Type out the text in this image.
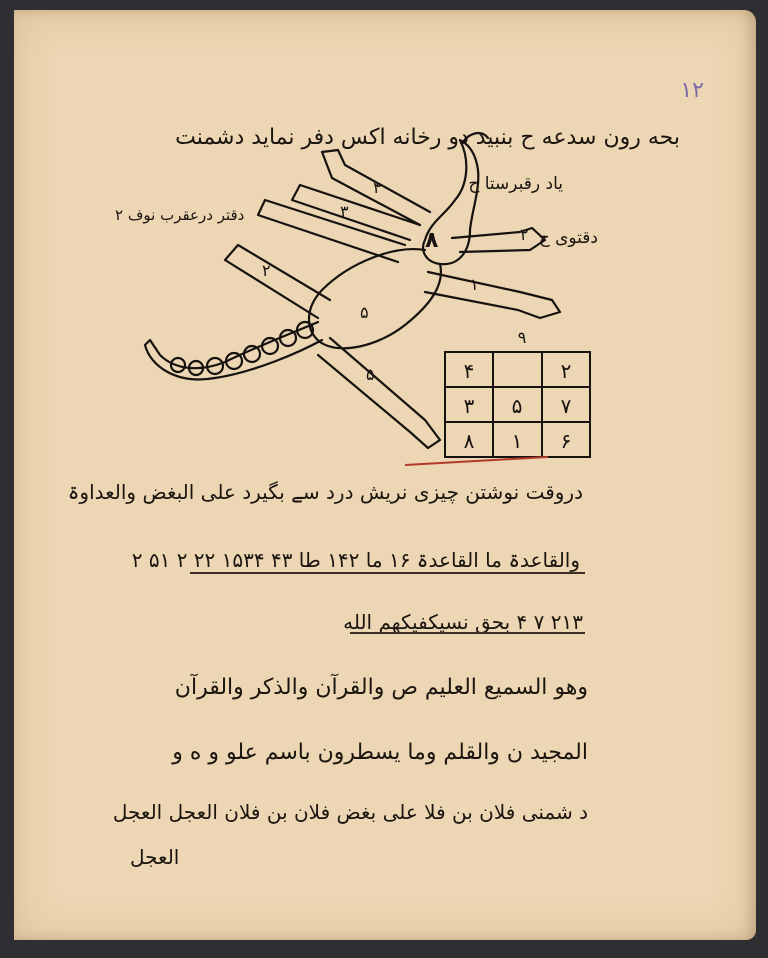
۱۲
بحه رون سدعه ح بنبید دو رخانه اکس دفر نماید دشمنت
یاد رقبرستا ح
دقتر درعقرب نوف ۲
دقتوی ح
۴
۳
۲
۱
۵
۸
۲
۵
۹
۲
۴
۷
۵
۳
۶
۱
۸
دروقت نوشتن چیزی نریش درد سے بگیرد علی البغض والعداوۃ
والقاعدۃ ما القاعدۃ ۱۶ ما ۱۴۲ طا ۴۳ ۱۵۳۴ ۲۲ ۲ ۵۱ ۲
۲۱۳ ۷ ۴ بحق نسیکفیکهم الله
وهو السمیع العلیم ص والقرآن والذکر والقرآن
المجید ن والقلم وما یسطرون باسم علو و ه و
د شمنی فلان بن فلا علی بغض فلان بن فلان العجل العجل
العجل
